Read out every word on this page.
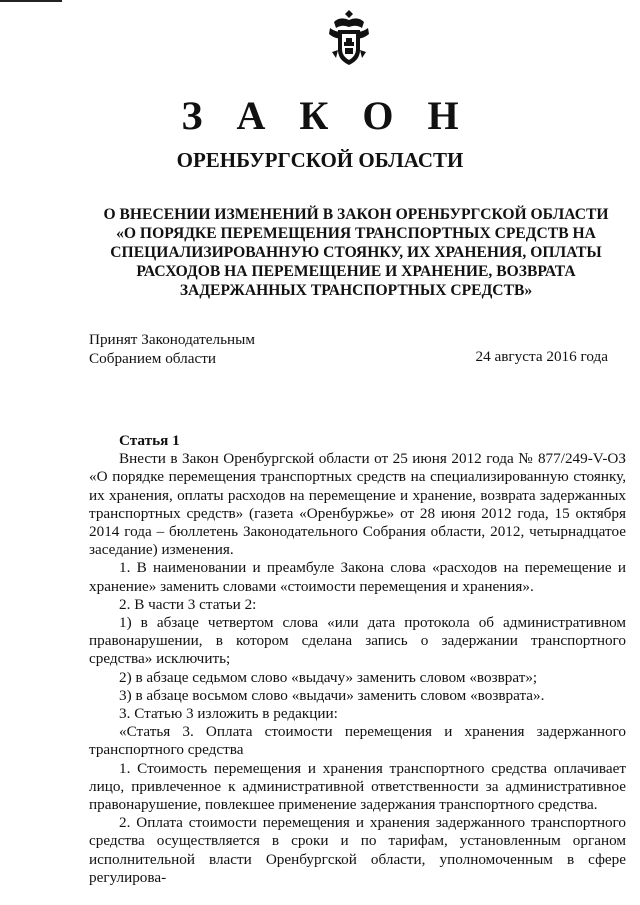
З А К О Н
ОРЕНБУРГСКОЙ ОБЛАСТИ
О ВНЕСЕНИИ ИЗМЕНЕНИЙ В ЗАКОН ОРЕНБУРГСКОЙ ОБЛАСТИ «О ПОРЯДКЕ ПЕРЕМЕЩЕНИЯ ТРАНСПОРТНЫХ СРЕДСТВ НА СПЕЦИАЛИЗИРОВАННУЮ СТОЯНКУ, ИХ ХРАНЕНИЯ, ОПЛАТЫ РАСХОДОВ НА ПЕРЕМЕЩЕНИЕ И ХРАНЕНИЕ, ВОЗВРАТА ЗАДЕРЖАННЫХ ТРАНСПОРТНЫХ СРЕДСТВ»
Принят Законодательным
Собранием области	24 августа 2016 года
Статья 1

Внести в Закон Оренбургской области от 25 июня 2012 года № 877/249-V-ОЗ «О порядке перемещения транспортных средств на специализированную стоянку, их хранения, оплаты расходов на перемещение и хранение, возврата задержанных транспортных средств» (газета «Оренбуржье» от 28 июня 2012 года, 15 октября 2014 года – бюллетень Законодательного Собрания области, 2012, четырнадцатое заседание) изменения.

1. В наименовании и преамбуле Закона слова «расходов на перемещение и хранение» заменить словами «стоимости перемещения и хранения».

2. В части 3 статьи 2:

1) в абзаце четвертом слова «или дата протокола об административном правонарушении, в котором сделана запись о задержании транспортного средства» исключить;

2) в абзаце седьмом слово «выдачу» заменить словом «возврат»;

3) в абзаце восьмом слово «выдачи» заменить словом «возврата».

3. Статью 3 изложить в редакции:

«Статья 3. Оплата стоимости перемещения и хранения задержанного транспортного средства

1. Стоимость перемещения и хранения транспортного средства оплачивает лицо, привлеченное к административной ответственности за административное правонарушение, повлекшее применение задержания транспортного средства.

2. Оплата стоимости перемещения и хранения задержанного транспортного средства осуществляется в сроки и по тарифам, установленным органом исполнительной власти Оренбургской области, уполномоченным в сфере регулирова-
